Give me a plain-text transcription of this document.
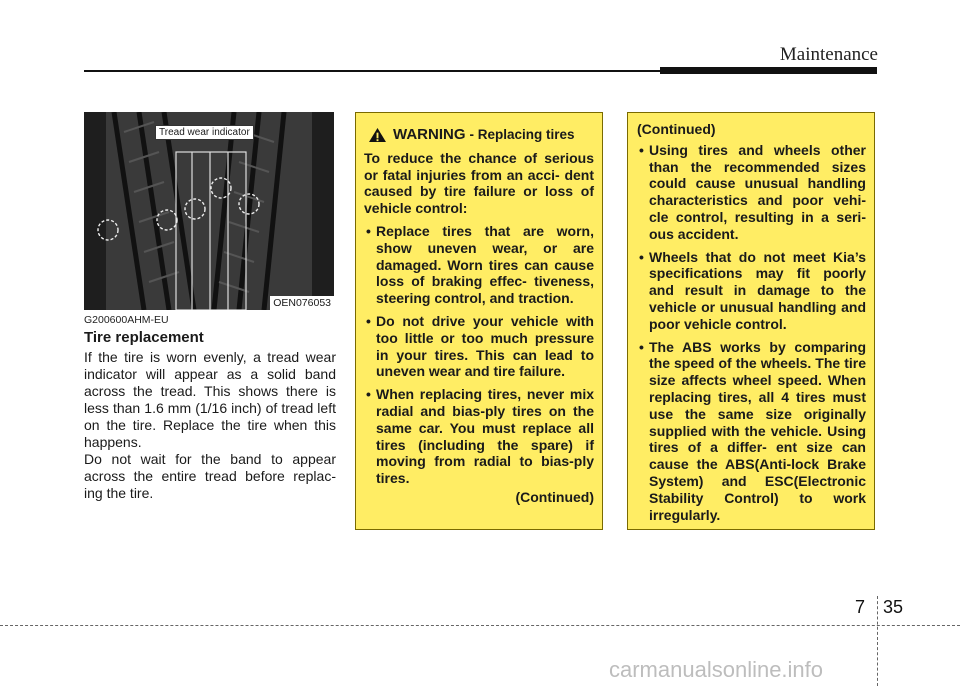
Maintenance
OEN076053
Tread wear indicator
G200600AHM-EU
Tire replacement
If the tire is worn evenly, a tread wear indicator will appear as a solid band across the tread. This shows there is less than 1.6 mm (1/16 inch) of tread left on the tire. Replace the tire when this happens.
Do not wait for the band to appear across the entire tread before replac- ing the tire.
WARNING - Replacing tires
To reduce the chance of serious or fatal injuries from an acci- dent caused by tire failure or loss of vehicle control:
• Replace tires that are worn, show uneven wear, or are damaged. Worn tires can cause loss of braking effec- tiveness, steering control, and traction.
• Do not drive your vehicle with too little or too much pressure in your tires. This can lead to uneven wear and tire failure.
• When replacing tires, never mix radial and bias-ply tires on the same car. You must replace all tires (including the spare) if moving from radial to bias-ply tires.
(Continued)
(Continued)
• Using tires and wheels other than the recommended sizes could cause unusual handling characteristics and poor vehi- cle control, resulting in a seri- ous accident.
• Wheels that do not meet Kia’s specifications may fit poorly and result in damage to the vehicle or unusual handling and poor vehicle control.
• The ABS works by comparing the speed of the wheels. The tire size affects wheel speed. When replacing tires, all 4 tires must use the same size originally supplied with the vehicle. Using tires of a differ- ent size can cause the ABS(Anti-lock Brake System) and ESC(Electronic Stability Control) to work irregularly.
7 35
carmanualsonline.info
